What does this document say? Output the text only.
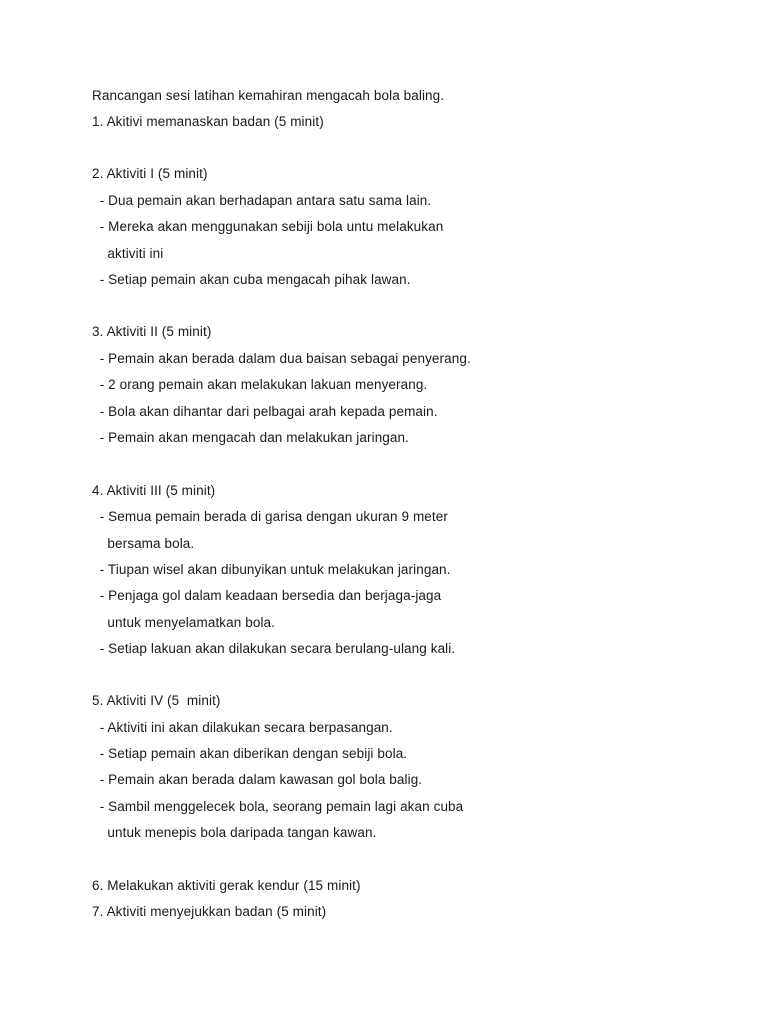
Rancangan sesi latihan kemahiran mengacah bola baling.
1. Akitivi memanaskan badan (5 minit)
2. Aktiviti I (5 minit)
- Dua pemain akan berhadapan antara satu sama lain.
- Mereka akan menggunakan sebiji bola untu melakukan
aktiviti ini
- Setiap pemain akan cuba mengacah pihak lawan.
3. Aktiviti II (5 minit)
- Pemain akan berada dalam dua baisan sebagai penyerang.
- 2 orang pemain akan melakukan lakuan menyerang.
- Bola akan dihantar dari pelbagai arah kepada pemain.
- Pemain akan mengacah dan melakukan jaringan.
4. Aktiviti III (5 minit)
- Semua pemain berada di garisa dengan ukuran 9 meter
bersama bola.
- Tiupan wisel akan dibunyikan untuk melakukan jaringan.
- Penjaga gol dalam keadaan bersedia dan berjaga-jaga
untuk menyelamatkan bola.
- Setiap lakuan akan dilakukan secara berulang-ulang kali.
5. Aktiviti IV (5  minit)
- Aktiviti ini akan dilakukan secara berpasangan.
- Setiap pemain akan diberikan dengan sebiji bola.
- Pemain akan berada dalam kawasan gol bola balig.
- Sambil menggelecek bola, seorang pemain lagi akan cuba
untuk menepis bola daripada tangan kawan.
6. Melakukan aktiviti gerak kendur (15 minit)
7. Aktiviti menyejukkan badan (5 minit)
